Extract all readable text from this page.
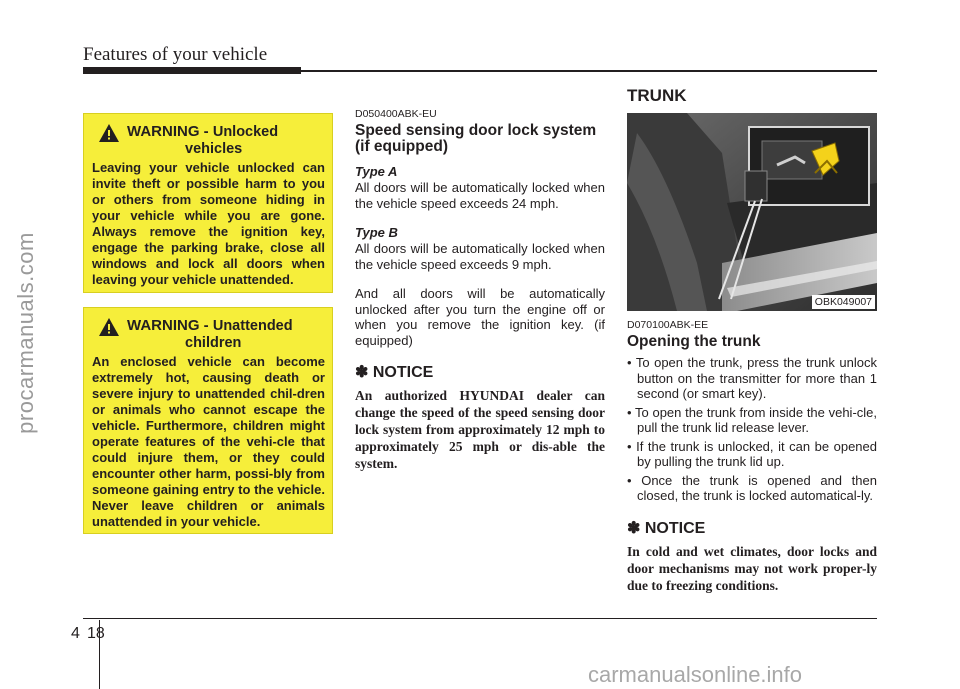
Features of your vehicle
procarmanuals.com
WARNING - Unlocked
vehicles
Leaving your vehicle unlocked can invite theft or possible harm to you or others from someone hiding in your vehicle while you are gone. Always remove the ignition key, engage the parking brake, close all windows and lock all doors when leaving your vehicle unattended.
WARNING - Unattended
children
An enclosed vehicle can become extremely hot, causing death or severe injury to unattended chil-dren or animals who cannot escape the vehicle. Furthermore, children might operate features of the vehi-cle that could injure them, or they could encounter other harm, possi-bly from someone gaining entry to the vehicle. Never leave children or animals unattended in your vehicle.
D050400ABK-EU
Speed sensing door lock system (if equipped)
Type A
All doors will be automatically locked when the vehicle speed exceeds 24 mph.
Type B
All doors will be automatically locked when the vehicle speed exceeds 9 mph.
And all doors will be automatically unlocked after you turn the engine off or when you remove the ignition key. (if equipped)
✽ NOTICE
An authorized HYUNDAI dealer can change the speed of the speed sensing door lock system from approximately 12 mph to approximately 25 mph or dis-able the system.
TRUNK
OBK049007
D070100ABK-EE
Opening the trunk
• To open the trunk, press the trunk unlock button on the transmitter for more than 1 second (or smart key).
• To open the trunk from inside the vehi-cle, pull the trunk lid release lever.
• If the trunk is unlocked, it can be opened by pulling the trunk lid up.
• Once the trunk is opened and then closed, the trunk is locked automatical-ly.
✽ NOTICE
In cold and wet climates, door locks and door mechanisms may not work proper-ly due to freezing conditions.
4 18
carmanualsonline.info
